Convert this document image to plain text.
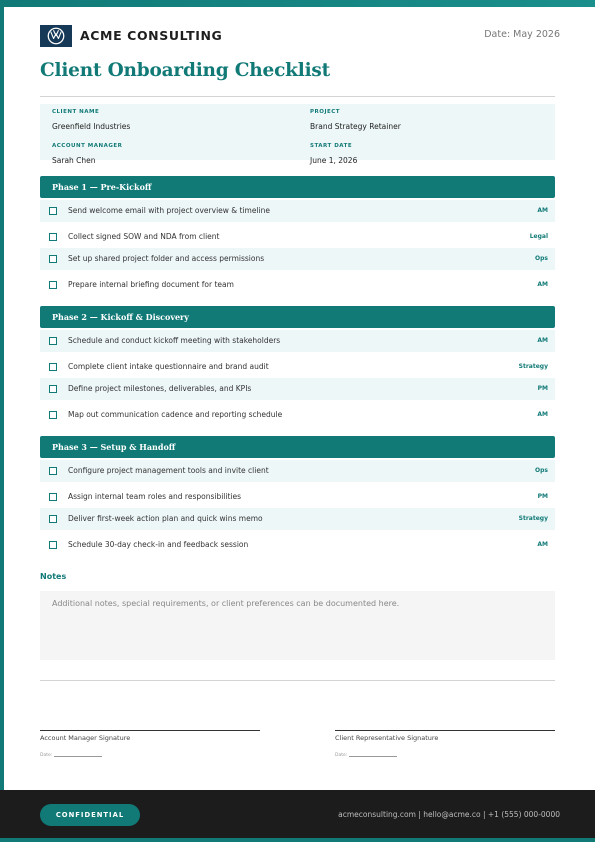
ACME CONSULTING	Date: May 2026
Client Onboarding Checklist
CLIENT NAME
Greenfield Industries
PROJECT
Brand Strategy Retainer
ACCOUNT MANAGER
Sarah Chen
START DATE
June 1, 2026
Phase 1 — Pre-Kickoff
Send welcome email with project overview & timeline	AM
Collect signed SOW and NDA from client	Legal
Set up shared project folder and access permissions	Ops
Prepare internal briefing document for team	AM
Phase 2 — Kickoff & Discovery
Schedule and conduct kickoff meeting with stakeholders	AM
Complete client intake questionnaire and brand audit	Strategy
Define project milestones, deliverables, and KPIs	PM
Map out communication cadence and reporting schedule	AM
Phase 3 — Setup & Handoff
Configure project management tools and invite client	Ops
Assign internal team roles and responsibilities	PM
Deliver first-week action plan and quick wins memo	Strategy
Schedule 30-day check-in and feedback session	AM
Notes
Additional notes, special requirements, or client preferences can be documented here.
Account Manager Signature
Date:
Client Representative Signature
Date:
CONFIDENTIAL	acmeconsulting.com | hello@acme.co | +1 (555) 000-0000
